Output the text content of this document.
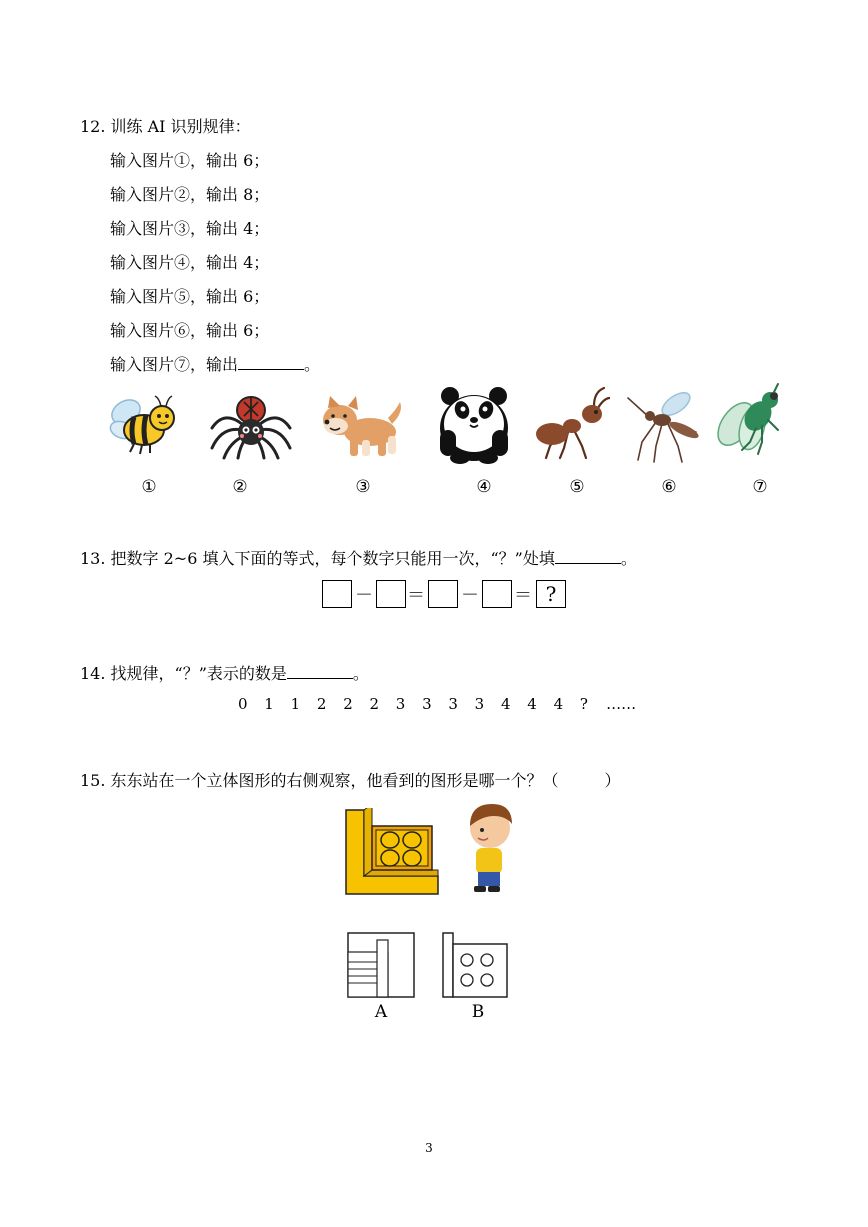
12. 训练 AI 识别规律：
输入图片①，输出 6；
输入图片②，输出 8；
输入图片③，输出 4；
输入图片④，输出 4；
输入图片⑤，输出 6；
输入图片⑥，输出 6；
输入图片⑦，输出	。
①	②	③	④	⑤	⑥	⑦
13. 把数字 2~6 填入下面的等式，每个数字只能用一次，“？”处填	。
－ ＝ － ＝ ?
14. 找规律，“？”表示的数是	。
0 1 1 2 2 2 3 3 3 3 4 4 4 ? ……
15. 东东站在一个立体图形的右侧观察，他看到的图形是哪一个？（	）
A	B
3
